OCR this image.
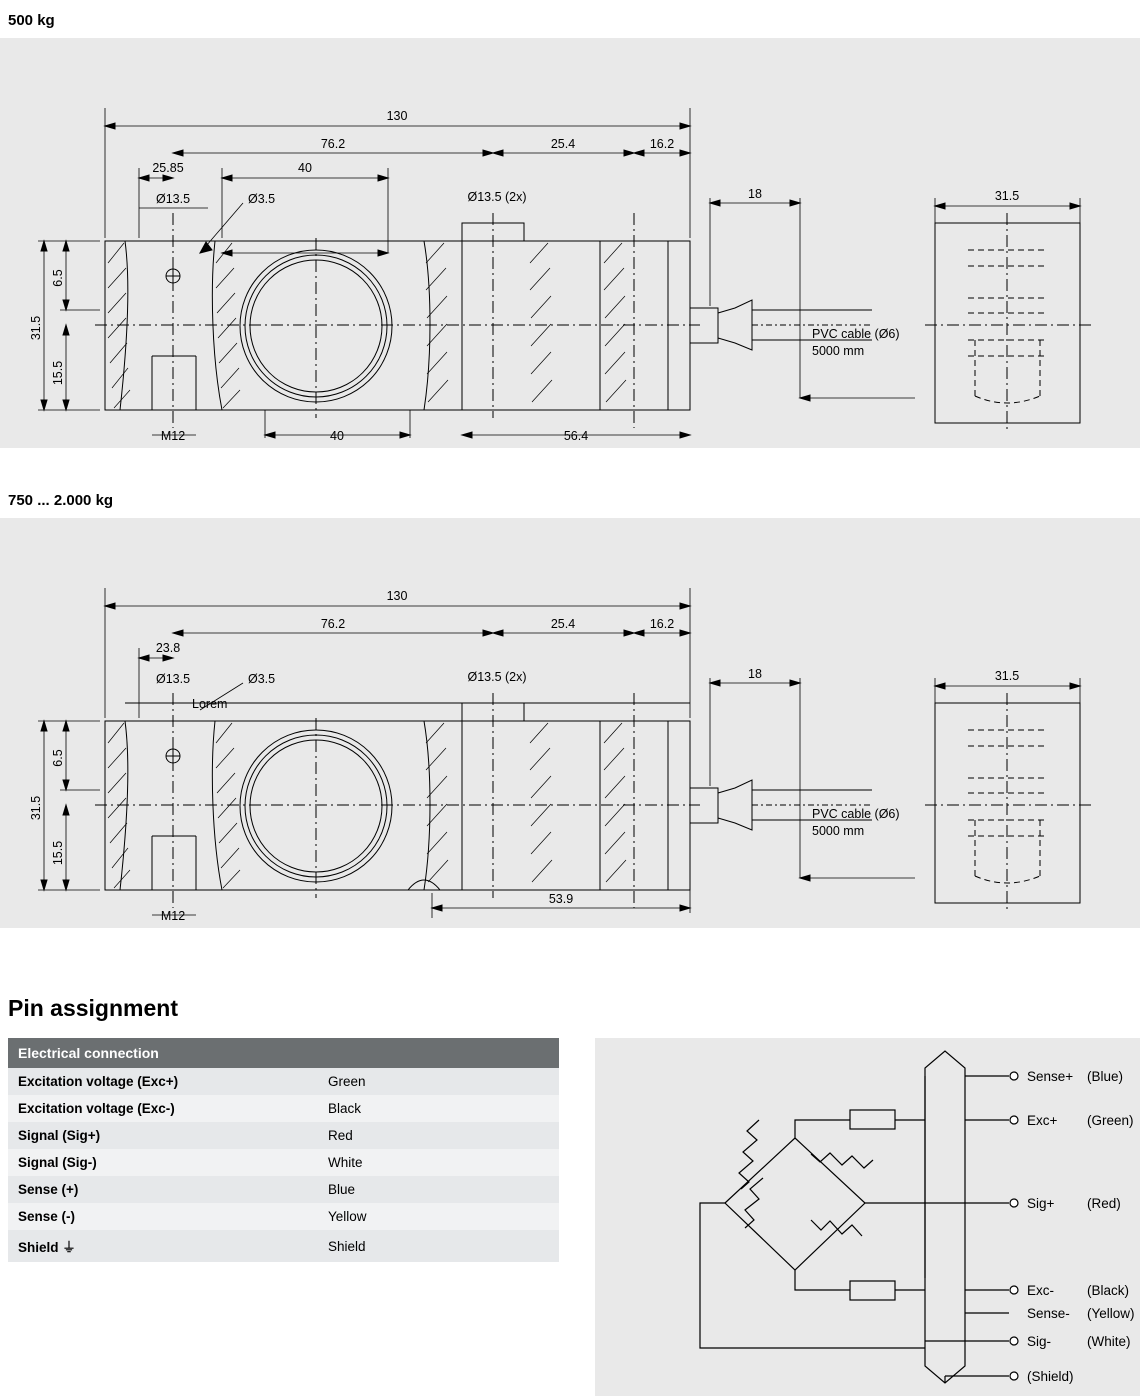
500 kg
130
76.2	25.4	16.2
25.85	40
Ø13.5	Ø3.5	Ø13.5 (2x)	18	31.5
31.5
6.5
15.5
M12	40	56.4
PVC cable (Ø6)
5000 mm
750 ... 2.000 kg
130
76.2	25.4	16.2
23.8
Ø13.5	Ø3.5
Lorem
Ø13.5 (2x)	18	31.5
31.5
6.5
15.5
M12
53.9
PVC cable (Ø6)
5000 mm
Pin assignment
Electrical connection	
Excitation voltage (Exc+)	Green
Excitation voltage (Exc-)	Black
Signal (Sig+)	Red
Signal (Sig-)	White
Sense (+)	Blue
Sense (-)	Yellow
Shield ⏚	Shield
Sense+ (Blue)
Exc+ (Green)
Sig+ (Red)
Exc- (Black)
Sense- (Yellow)
Sig-	(White)
(Shield)
